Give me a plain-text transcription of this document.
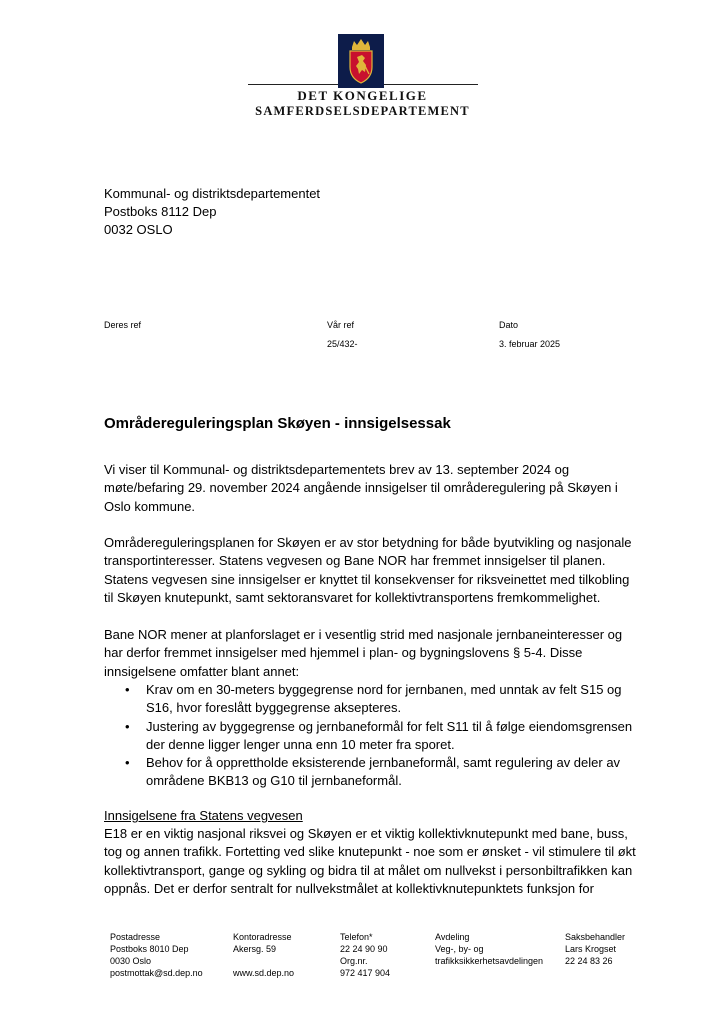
DET KONGELIGE
SAMFERDSELSDEPARTEMENT
Kommunal- og distriktsdepartementet
Postboks 8112 Dep
0032 OSLO
Deres ref	Vår ref
25/432-
Dato
3. februar 2025
Områdereguleringsplan Skøyen - innsigelsessak
Vi viser til Kommunal- og distriktsdepartementets brev av 13. september 2024 og
møte/befaring 29. november 2024 angående innsigelser til områderegulering på Skøyen i
Oslo kommune.
Områdereguleringsplanen for Skøyen er av stor betydning for både byutvikling og nasjonale
transportinteresser. Statens vegvesen og Bane NOR har fremmet innsigelser til planen.
Statens vegvesen sine innsigelser er knyttet til konsekvenser for riksveinettet med tilkobling
til Skøyen knutepunkt, samt sektoransvaret for kollektivtransportens fremkommelighet.
Bane NOR mener at planforslaget er i vesentlig strid med nasjonale jernbaneinteresser og
har derfor fremmet innsigelser med hjemmel i plan- og bygningslovens § 5-4. Disse
innsigelsene omfatter blant annet:
• Krav om en 30-meters byggegrense nord for jernbanen, med unntak av felt S15 og
S16, hvor foreslått byggegrense aksepteres.
• Justering av byggegrense og jernbaneformål for felt S11 til å følge eiendomsgrensen
der denne ligger lenger unna enn 10 meter fra sporet.
• Behov for å opprettholde eksisterende jernbaneformål, samt regulering av deler av
områdene BKB13 og G10 til jernbaneformål.
Innsigelsene fra Statens vegvesen
E18 er en viktig nasjonal riksvei og Skøyen er et viktig kollektivknutepunkt med bane, buss,
tog og annen trafikk. Fortetting ved slike knutepunkt - noe som er ønsket - vil stimulere til økt
kollektivtransport, gange og sykling og bidra til at målet om nullvekst i personbiltrafikken kan
oppnås. Det er derfor sentralt for nullvekstmålet at kollektivknutepunktets funksjon for
Postadresse
Postboks 8010 Dep
0030 Oslo
postmottak@sd.dep.no
Kontoradresse
Akersg. 59
www.sd.dep.no
Telefon*
22 24 90 90
Org.nr.
972 417 904
Avdeling
Veg-, by- og
trafikksikkerhetsavdelingen
Saksbehandler
Lars Krogset
22 24 83 26
